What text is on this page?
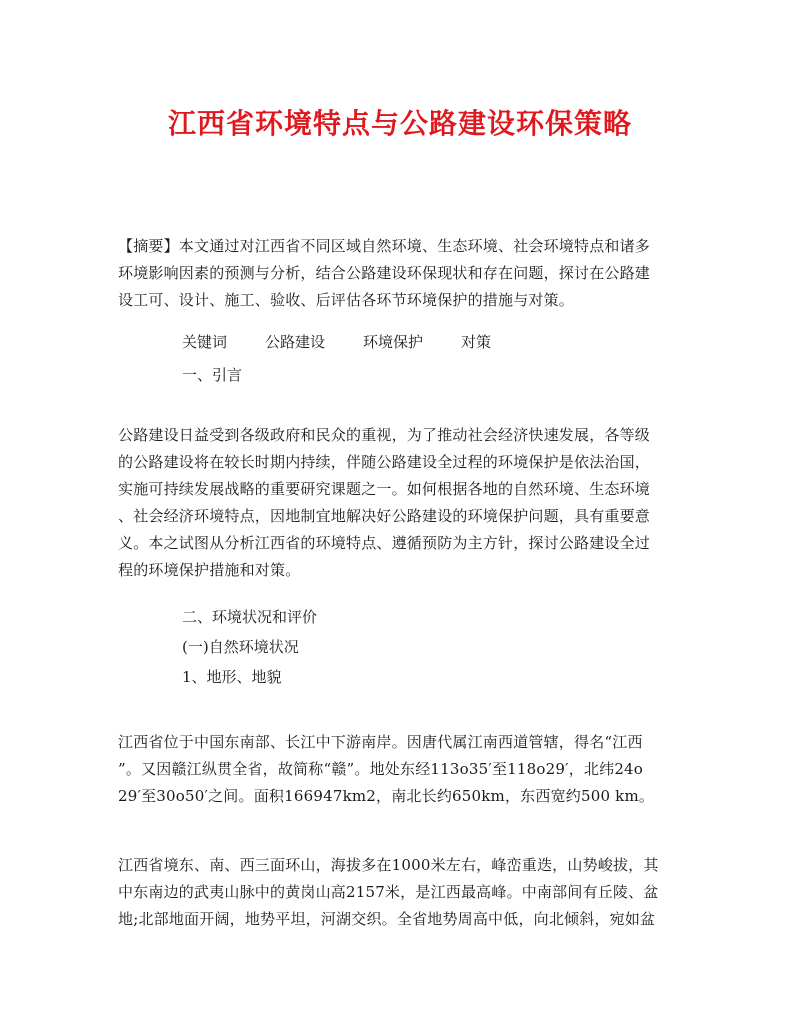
江西省环境特点与公路建设环保策略
【摘要】本文通过对江西省不同区域自然环境、生态环境、社会环境特点和诸多
环境影响因素的预测与分析，结合公路建设环保现状和存在问题，探讨在公路建
设工可、设计、施工、验收、后评估各环节环境保护的措施与对策。
关键词	公路建设	环境保护	对策
一、引言
公路建设日益受到各级政府和民众的重视，为了推动社会经济快速发展，各等级
的公路建设将在较长时期内持续，伴随公路建设全过程的环境保护是依法治国，
实施可持续发展战略的重要研究课题之一。如何根据各地的自然环境、生态环境
、社会经济环境特点，因地制宜地解决好公路建设的环境保护问题，具有重要意
义。本之试图从分析江西省的环境特点、遵循预防为主方针，探讨公路建设全过
程的环境保护措施和对策。
二、环境状况和评价
(一)自然环境状况
1、地形、地貌
江西省位于中国东南部、长江中下游南岸。因唐代属江南西道管辖，得名“江西
”。又因赣江纵贯全省，故简称“赣”。地处东经113o35′至118o29′，北纬24o
29′至30o50′之间。面积166947km2，南北长约650km，东西宽约500 km。
江西省境东、南、西三面环山，海拔多在1000米左右，峰峦重迭，山势峻拔，其
中东南边的武夷山脉中的黄岗山高2157米，是江西最高峰。中南部间有丘陵、盆
地;北部地面开阔，地势平坦，河湖交织。全省地势周高中低，向北倾斜，宛如盆
